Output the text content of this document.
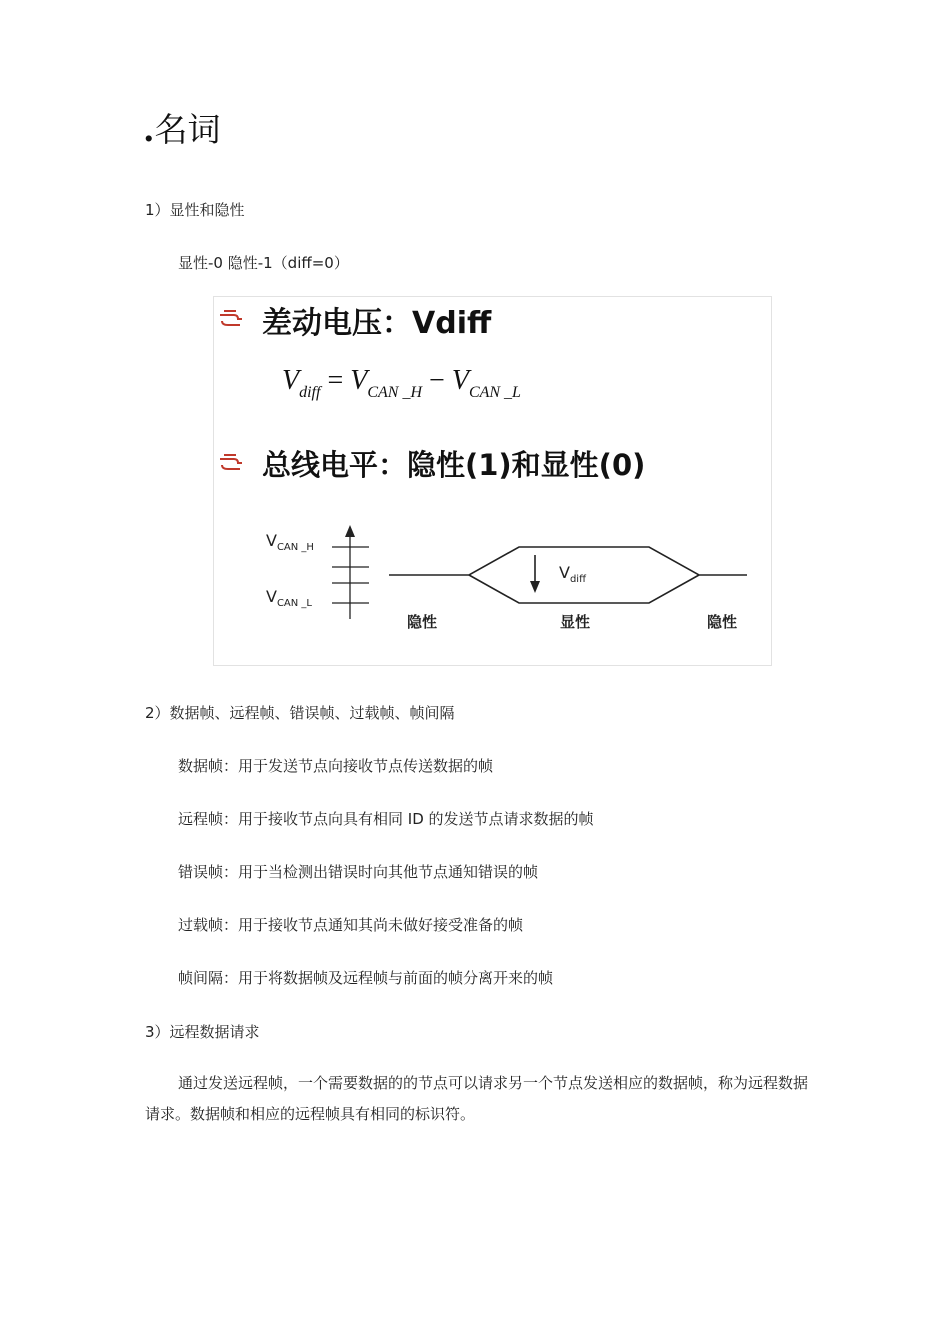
.名词
1）显性和隐性
显性-0 隐性-1（diff=0）
差动电压：Vdiff
$V_{diff} = V_{CAN \_H} - V_{CAN \_L}$
总线电平：隐性(1)和显性(0)
$V_{CAN \_H}$
$V_{CAN \_L}$
$V_{diff}$
隐性	显性	隐性
2）数据帧、远程帧、错误帧、过载帧、帧间隔
数据帧：用于发送节点向接收节点传送数据的帧
远程帧：用于接收节点向具有相同 ID 的发送节点请求数据的帧
错误帧：用于当检测出错误时向其他节点通知错误的帧
过载帧：用于接收节点通知其尚未做好接受准备的帧
帧间隔：用于将数据帧及远程帧与前面的帧分离开来的帧
3）远程数据请求
通过发送远程帧，一个需要数据的的节点可以请求另一个节点发送相应的数据帧，称为远程数据请求。数据帧和相应的远程帧具有相同的标识符。
